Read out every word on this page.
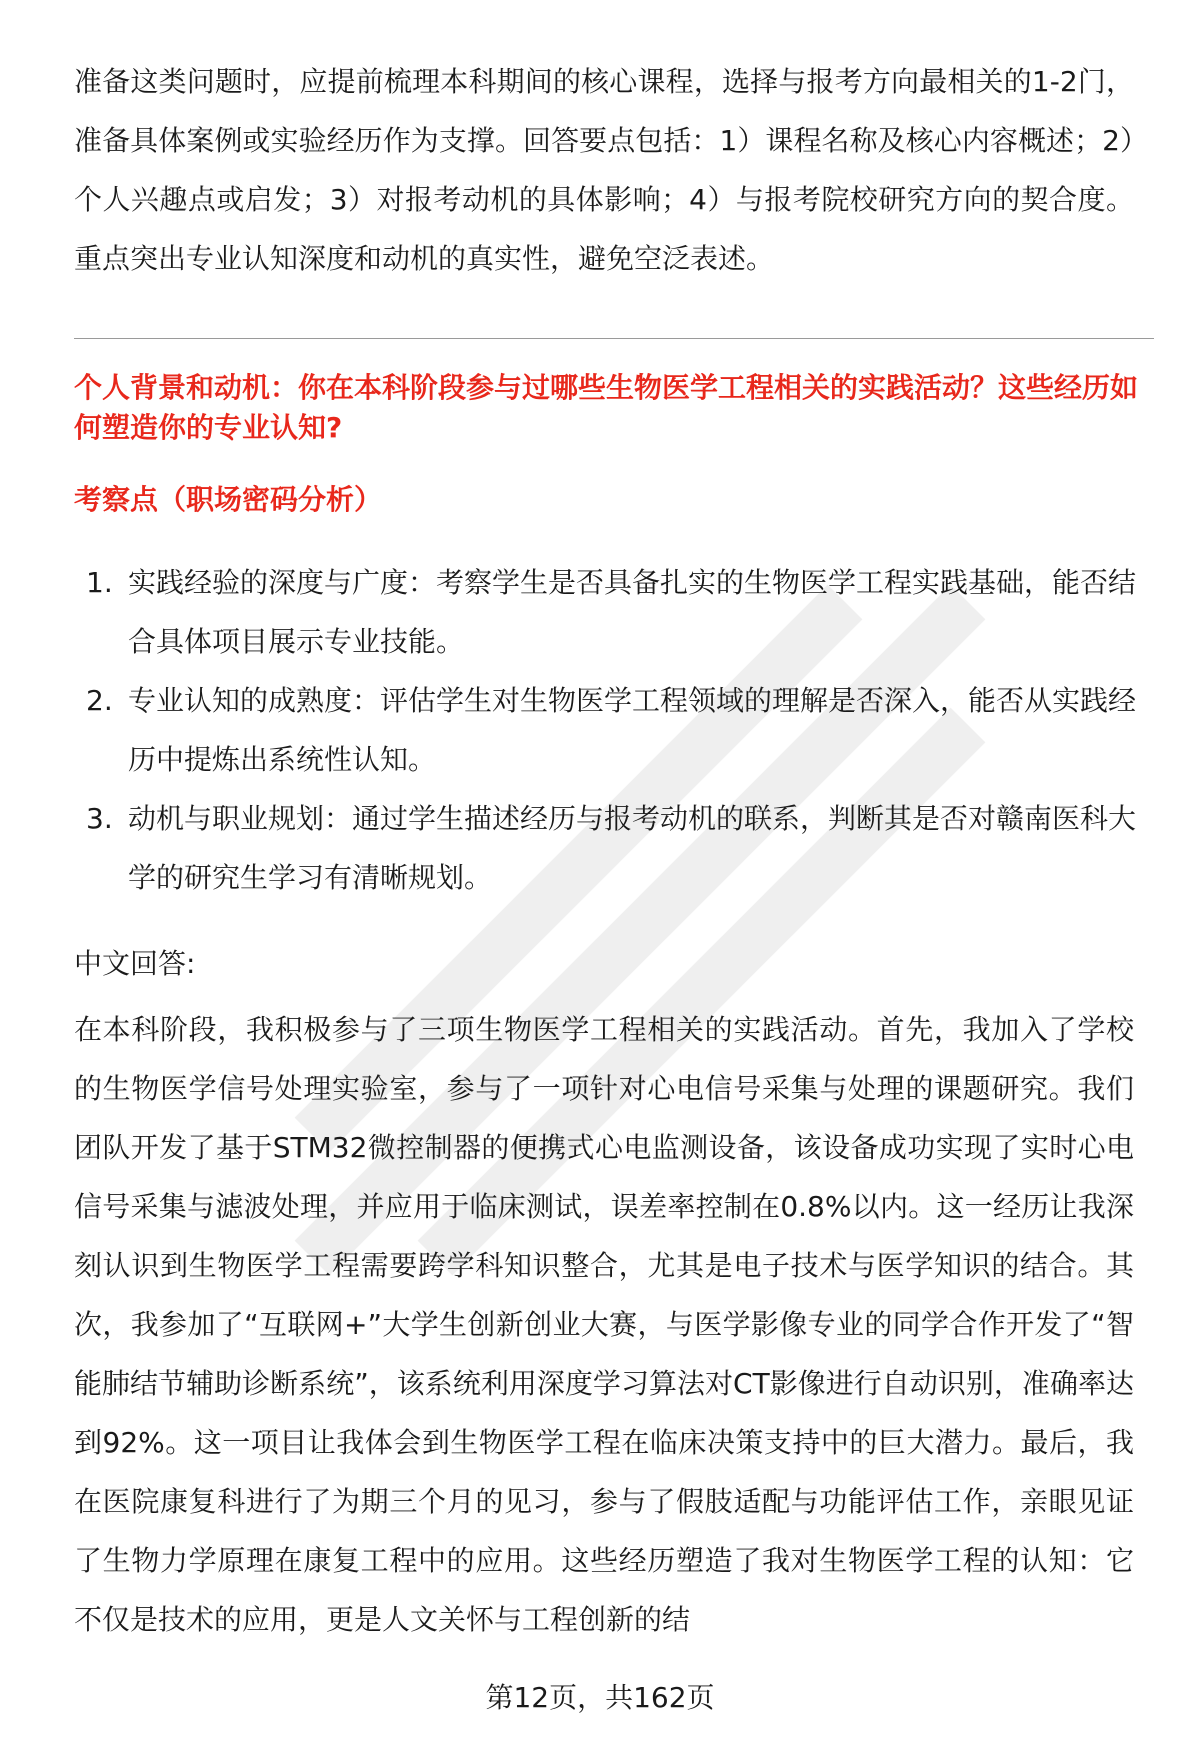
准备这类问题时，应提前梳理本科期间的核心课程，选择与报考方向最相关的1-2门，准备具体案例或实验经历作为支撑。回答要点包括：1）课程名称及核心内容概述；2）个人兴趣点或启发；3）对报考动机的具体影响；4）与报考院校研究方向的契合度。重点突出专业认知深度和动机的真实性，避免空泛表述。

个人背景和动机：你在本科阶段参与过哪些生物医学工程相关的实践活动？这些经历如何塑造你的专业认知?

考察点（职场密码分析）

1. 实践经验的深度与广度：考察学生是否具备扎实的生物医学工程实践基础，能否结合具体项目展示专业技能。
2. 专业认知的成熟度：评估学生对生物医学工程领域的理解是否深入，能否从实践经历中提炼出系统性认知。
3. 动机与职业规划：通过学生描述经历与报考动机的联系，判断其是否对赣南医科大学的研究生学习有清晰规划。

中文回答:

在本科阶段，我积极参与了三项生物医学工程相关的实践活动。首先，我加入了学校的生物医学信号处理实验室，参与了一项针对心电信号采集与处理的课题研究。我们团队开发了基于STM32微控制器的便携式心电监测设备，该设备成功实现了实时心电信号采集与滤波处理，并应用于临床测试，误差率控制在0.8%以内。这一经历让我深刻认识到生物医学工程需要跨学科知识整合，尤其是电子技术与医学知识的结合。其次，我参加了“互联网+”大学生创新创业大赛，与医学影像专业的同学合作开发了“智能肺结节辅助诊断系统”，该系统利用深度学习算法对CT影像进行自动识别，准确率达到92%。这一项目让我体会到生物医学工程在临床决策支持中的巨大潜力。最后，我在医院康复科进行了为期三个月的见习，参与了假肢适配与功能评估工作，亲眼见证了生物力学原理在康复工程中的应用。这些经历塑造了我对生物医学工程的认知：它不仅是技术的应用，更是人文关怀与工程创新的结

第12页，共162页
